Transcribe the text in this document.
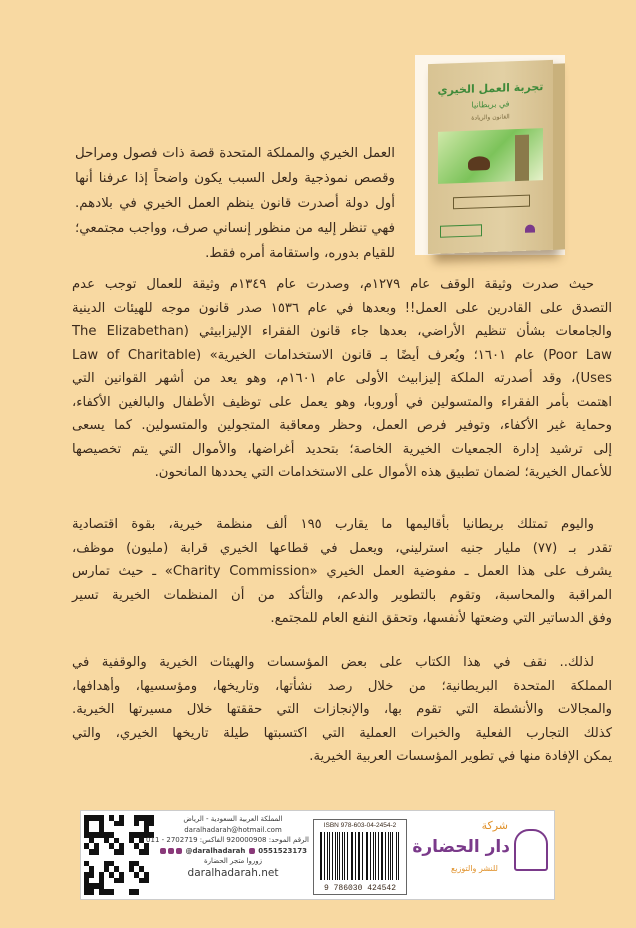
تجربة العمل الخيري
في بريطانيا
القانون والريادة
العمل الخيري والمملكة المتحدة قصة ذات فصول ومراحل
وقصص نموذجية ولعل السبب يكون واضحاً إذا عرفنا أنها
أول دولة أصدرت قانون ينظم العمل الخيري في بلادهم.
فهي تنظر إليه من منظور إنساني صرف، وواجب مجتمعي؛
للقيام بدوره، واستقامة أمره فقط.
حيث صدرت وثيقة الوقف عام ١٢٧٩م، وصدرت عام ١٣٤٩م وثيقة للعمال توجب عدم
التصدق على القادرين على العمل!! وبعدها في عام ١٥٣٦ صدر قانون موجه للهيئات الدينية
والجامعات بشأن تنظيم الأراضي، بعدها جاء قانون الفقراء الإليزابيثي (The Elizabethan
Poor Law) عام ١٦٠١؛ ويُعرف أيضًا بـ قانون الاستخدامات الخيرية» (Law of Charitable
Uses)، وقد أصدرته الملكة إليزابيث الأولى عام ١٦٠١م، وهو يعد من أشهر القوانين التي
اهتمت بأمر الفقراء والمتسولين في أوروبا، وهو يعمل على توظيف الأطفال والبالغين الأكفاء،
وحماية غير الأكفاء، وتوفير فرص العمل، وحظر ومعاقبة المتجولين والمتسولين. كما يسعى
إلى ترشيد إدارة الجمعيات الخيرية الخاصة؛ بتحديد أغراضها، والأموال التي يتم تخصيصها
للأعمال الخيرية؛ لضمان تطبيق هذه الأموال على الاستخدامات التي يحددها المانحون.
واليوم تمتلك بريطانيا بأقاليمها ما يقارب ١٩٥ ألف منظمة خيرية، بقوة اقتصادية
تقدر بـ (٧٧) مليار جنيه استرليني، ويعمل في قطاعها الخيري قرابة (مليون) موظف،
يشرف على هذا العمل ـ مفوضية العمل الخيري «Charity Commission» ـ حيث تمارس
المراقبة والمحاسبة، وتقوم بالتطوير والدعم، والتأكد من أن المنظمات الخيرية تسير
وفق الدساتير التي وضعتها لأنفسها، وتحقق النفع العام للمجتمع.
لذلك.. نقف في هذا الكتاب على بعض المؤسسات والهيئات الخيرية والوقفية في
المملكة المتحدة البريطانية؛ من خلال رصد نشأتها، وتاريخها، ومؤسسيها، وأهدافها،
والمجالات والأنشطة التي تقوم بها، والإنجازات التي حققتها خلال مسيرتها الخيرية.
كذلك التجارب الفعلية والخبرات العملية التي اكتسبتها طيلة تاريخها الخيري، والتي
يمكن الإفادة منها في تطوير المؤسسات العربية الخيرية.
المملكة العربية السعودية - الرياض
daralhadarah@hotmail.com
الرقم الموحد: 920000908 الفاكس: 2702719 - 011
@daralhadarah 0551523173
زوروا متجر الحضارة
daralhadarah.net
ISBN 978-603-04-2454-2
9 786030 424542
شركة
دار الحضارة
للنشر والتوزيع
